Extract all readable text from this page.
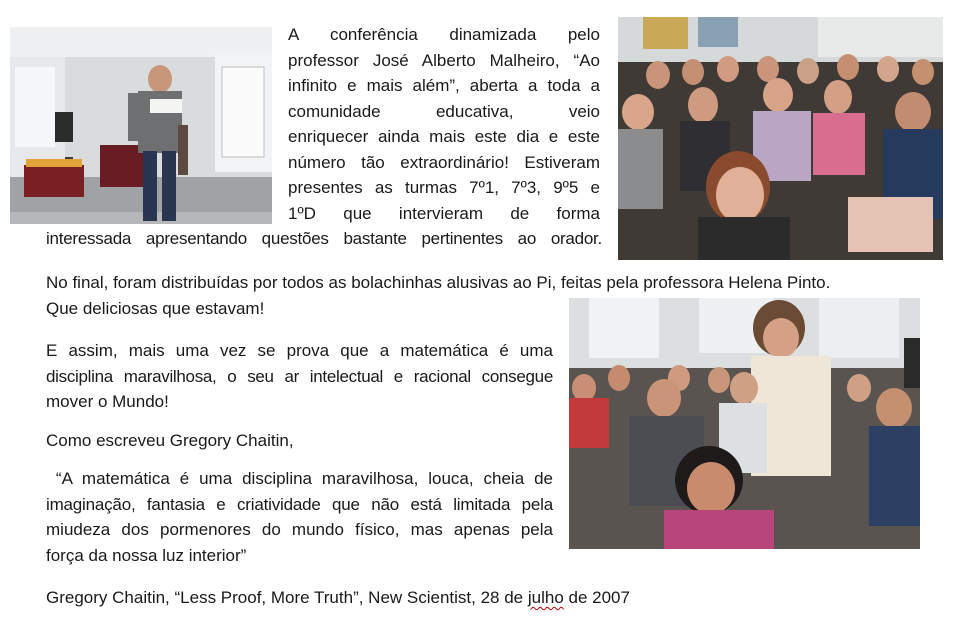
A conferência dinamizada pelo
professor José Alberto Malheiro, “Ao
infinito e mais além”, aberta a toda a
comunidade educativa, veio
enriquecer ainda mais este dia e este
número tão extraordinário! Estiveram
presentes as turmas 7º1, 7º3, 9º5 e
1ºD que intervieram de forma
interessada apresentando questões bastante pertinentes ao orador.

No final, foram distribuídas por todos as bolachinhas alusivas ao Pi, feitas pela professora Helena Pinto.

Que deliciosas que estavam!

E assim, mais uma vez se prova que a matemática é uma
disciplina maravilhosa, o seu ar intelectual e racional consegue
mover o Mundo!

Como escreveu Gregory Chaitin,

“A matemática é uma disciplina maravilhosa, louca, cheia de
imaginação, fantasia e criatividade que não está limitada pela
miudeza dos pormenores do mundo físico, mas apenas pela
força da nossa luz interior”

Gregory Chaitin, “Less Proof, More Truth”, New Scientist, 28 de julho de 2007
